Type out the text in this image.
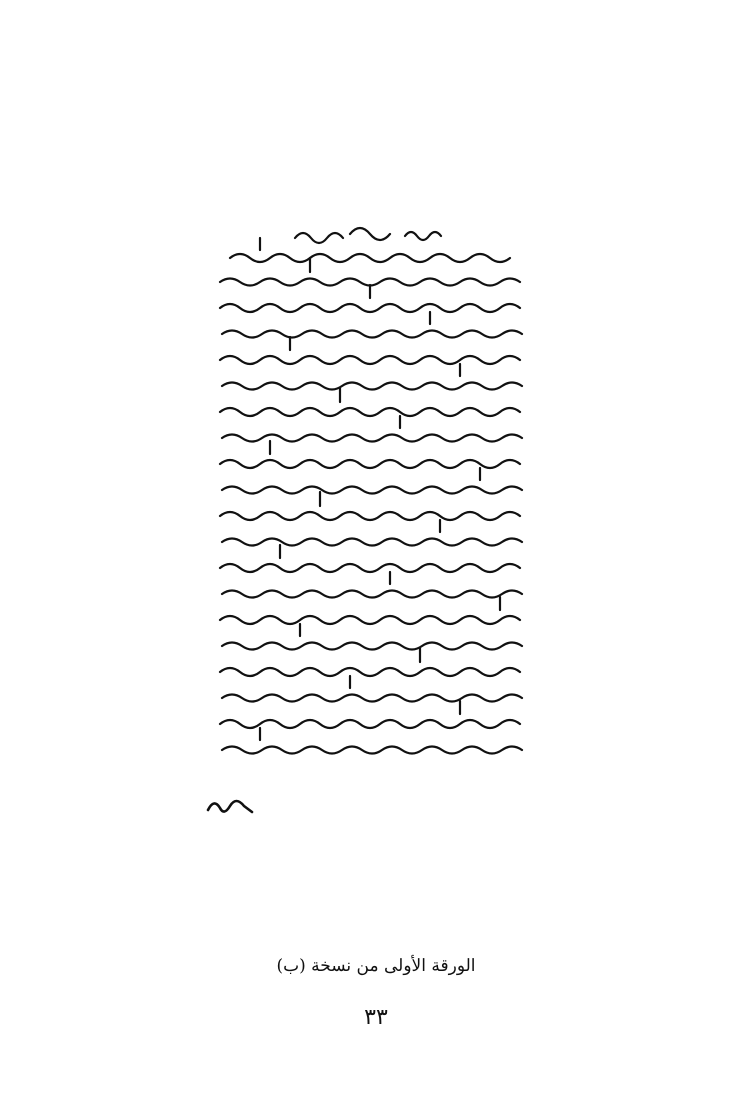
الورقة الأولى من نسخة (ب)
٣٣
